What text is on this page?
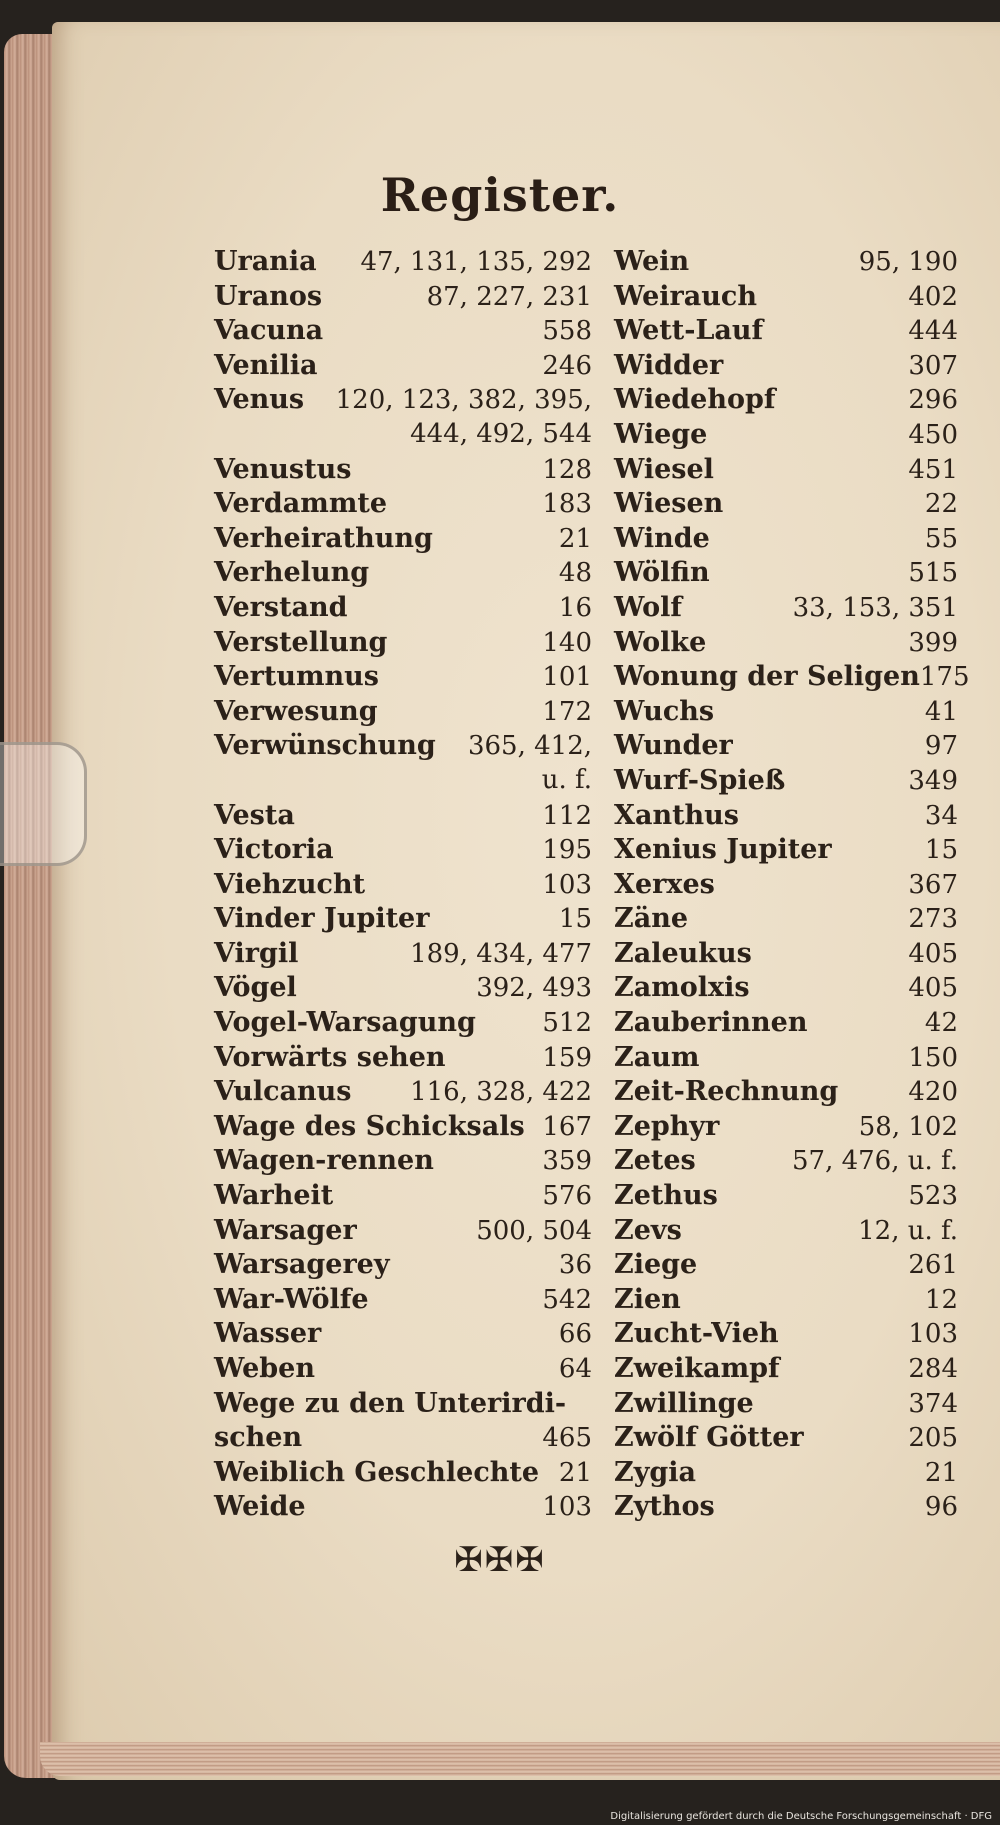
Register.
Urania 47, 131, 135, 292
Uranos	87, 227, 231
Vacuna	558
Venilia	246
Venus 120, 123, 382, 395,
444, 492, 544
Venustus	128
Verdammte	183
Verheirathung	21
Verhelung	48
Verstand	16
Verstellung	140
Vertumnus	101
Verwesung	172
Verwünschung 365, 412,
u. f.
Vesta	112
Victoria	195
Viehzucht	103
Vinder Jupiter	15
Virgil	189, 434, 477
Vögel	392, 493
Vogel-Warsagung	512
Vorwärts sehen	159
Vulcanus 116, 328, 422
Wage des Schicksals 167
Wagen-rennen	359
Warheit	576
Warsager	500, 504
Warsagerey	36
War-Wölfe	542
Wasser	66
Weben	64
Wege zu den Unterirdi-
schen	465
Weiblich Geschlechte 21
Weide	103
Wein	95, 190
Weirauch	402
Wett-Lauf	444
Widder	307
Wiedehopf	296
Wiege	450
Wiesel	451
Wiesen	22
Winde	55
Wölfin	515
Wolf	33, 153, 351
Wolke	399
Wonung der Seligen 175
Wuchs	41
Wunder	97
Wurf-Spieß	349
Xanthus	34
Xenius Jupiter	15
Xerxes	367
Zäne	273
Zaleukus	405
Zamolxis	405
Zauberinnen	42
Zaum	150
Zeit-Rechnung	420
Zephyr	58, 102
Zetes	57, 476, u. f.
Zethus	523
Zevs	12, u. f.
Ziege	261
Zien	12
Zucht-Vieh	103
Zweikampf	284
Zwillinge	374
Zwölf Götter	205
Zygia	21
Zythos	96
✠✠✠
Digitalisierung gefördert durch die Deutsche Forschungsgemeinschaft · DFG
